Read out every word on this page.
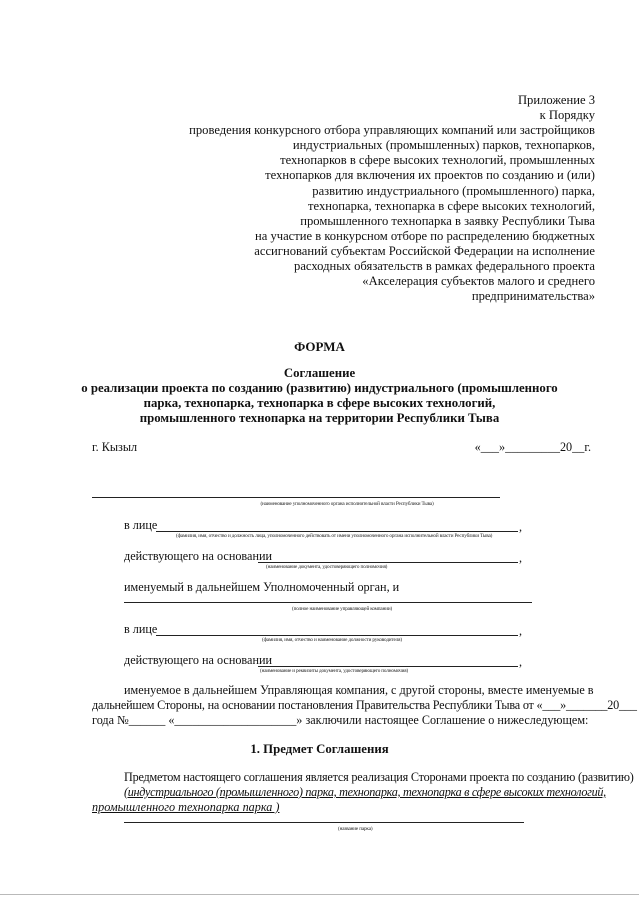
Приложение 3
к Порядку
проведения конкурсного отбора управляющих компаний или застройщиков
индустриальных (промышленных) парков, технопарков,
технопарков в сфере высоких технологий, промышленных
технопарков для включения их проектов по созданию и (или)
развитию индустриального (промышленного) парка,
технопарка, технопарка в сфере высоких технологий,
промышленного технопарка в заявку Республики Тыва
на участие в конкурсном отборе по распределению бюджетных
ассигнований субъектам Российской Федерации на исполнение
расходных обязательств в рамках федерального проекта
«Акселерация субъектов малого и среднего
предпринимательства»
ФОРМА
Соглашение
о реализации проекта по созданию (развитию) индустриального (промышленного
парка, технопарка, технопарка в сфере высоких технологий,
промышленного технопарка на территории Республики Тыва
г. Кызыл	«___»_________20__г.
(наименование уполномоченного органа исполнительной власти Республики Тыва)
в лице	,
(фамилия, имя, отчество и должность лица, уполномоченного действовать от имени уполномоченного органа исполнительной власти Республики Тыва)
действующего на основании	,
(наименование документа, удостоверяющего полномочия)
именуемый в дальнейшем Уполномоченный орган, и
(полное наименование управляющей компании)
в лице	,
(фамилия, имя, отчество и наименование должности руководителя)
действующего на основании	,
(наименование и реквизиты документа, удостоверяющего полномочия)
именуемое в дальнейшем Управляющая компания, с другой стороны, вместе именуемые в
дальнейшем Стороны, на основании постановления Правительства Республики Тыва от «___»_______20___
года №______ «____________________» заключили настоящее Соглашение о нижеследующем:
1. Предмет Соглашения
Предметом настоящего соглашения является реализация Сторонами проекта по созданию (развитию)
(индустриального (промышленного) парка, технопарка, технопарка в сфере высоких технологий,
промышленного технопарка парка )
(название парка)
